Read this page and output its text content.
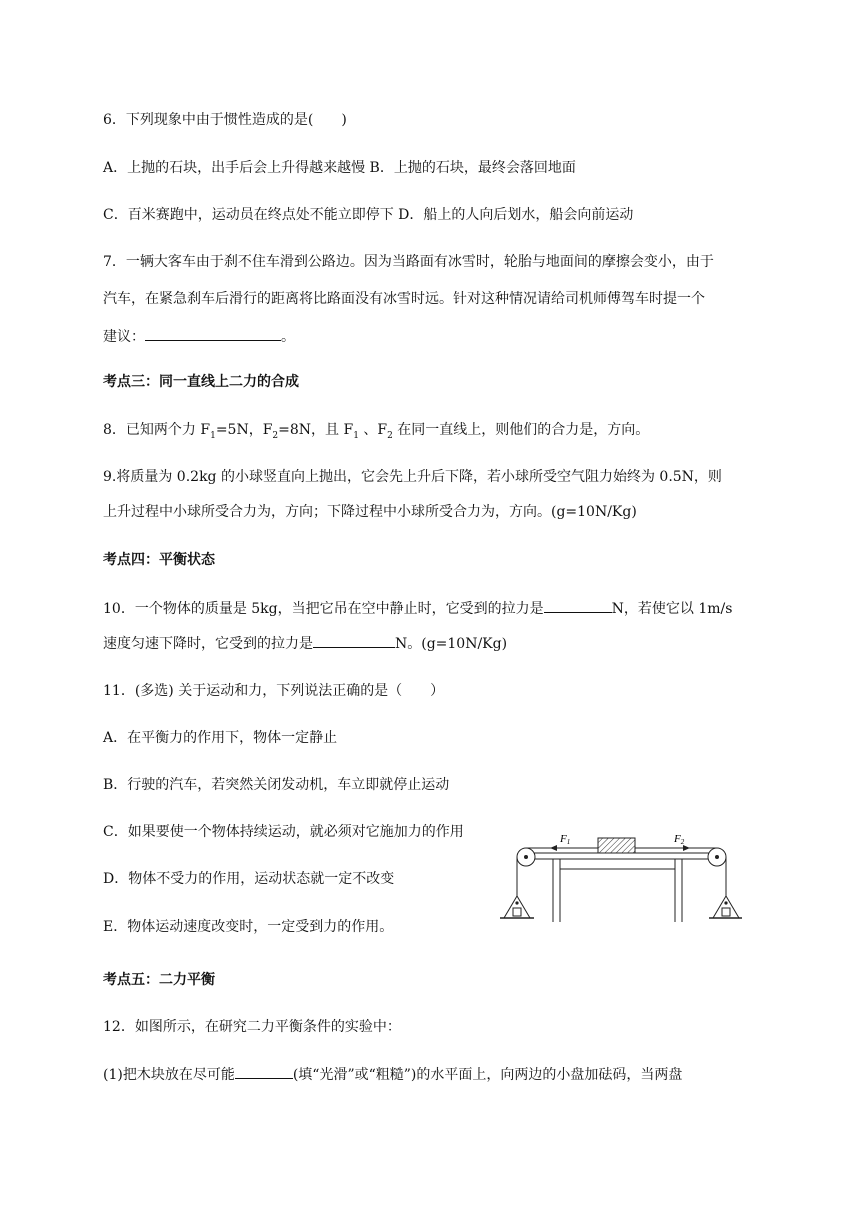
6．下列现象中由于惯性造成的是(　　)
A．上抛的石块，出手后会上升得越来越慢 B．上抛的石块，最终会落回地面
C．百米赛跑中，运动员在终点处不能立即停下 D．船上的人向后划水，船会向前运动
7．一辆大客车由于刹不住车滑到公路边。因为当路面有冰雪时，轮胎与地面间的摩擦会变小，由于
汽车，在紧急刹车后滑行的距离将比路面没有冰雪时远。针对这种情况请给司机师傅驾车时提一个
建议：	。
考点三：同一直线上二力的合成
8．已知两个力 $F_1=5N$，$F_2=8N$，且 $F_1$ 、$F_2$ 在同一直线上，则他们的合力是，方向。
9.将质量为 0.2kg 的小球竖直向上抛出，它会先上升后下降，若小球所受空气阻力始终为 0.5N，则
上升过程中小球所受合力为，方向；下降过程中小球所受合力为，方向。(g=10N/Kg)
考点四：平衡状态
10．一个物体的质量是 5kg，当把它吊在空中静止时，它受到的拉力是	N，若使它以 1m/s
速度匀速下降时，它受到的拉力是	N。(g=10N/Kg)
11．(多选) 关于运动和力，下列说法正确的是（　　）
A．在平衡力的作用下，物体一定静止
B．行驶的汽车，若突然关闭发动机，车立即就停止运动
C．如果要使一个物体持续运动，就必须对它施加力的作用
D．物体不受力的作用，运动状态就一定不改变
E．物体运动速度改变时，一定受到力的作用。
F1	F2
考点五：二力平衡
12．如图所示，在研究二力平衡条件的实验中：
(1)把木块放在尽可能	(填“光滑”或“粗糙”)的水平面上，向两边的小盘加砝码，当两盘
